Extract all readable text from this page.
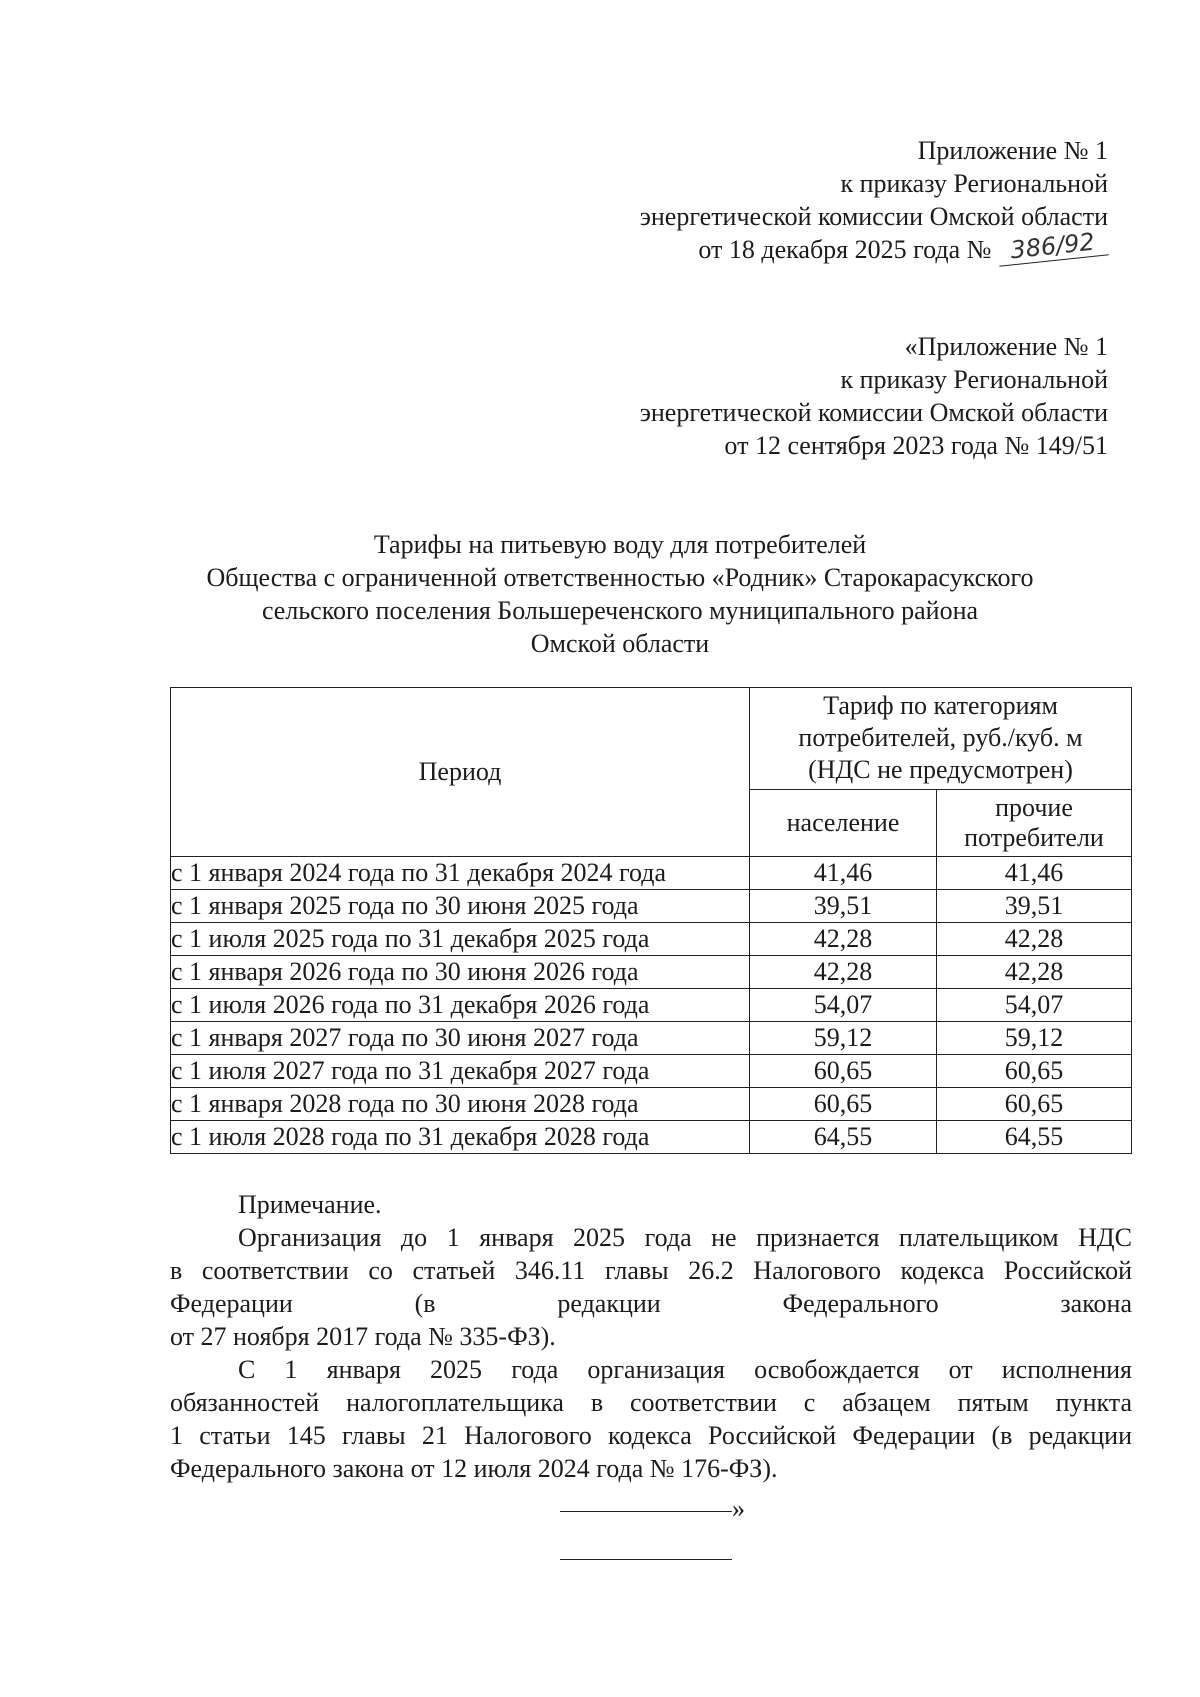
Приложение № 1
к приказу Региональной
энергетической комиссии Омской области
от 18 декабря 2025 года № 386/92
«Приложение № 1
к приказу Региональной
энергетической комиссии Омской области
от 12 сентября 2023 года № 149/51
Тарифы на питьевую воду для потребителей
Общества с ограниченной ответственностью «Родник» Старокарасукского
сельского поселения Большереченского муниципального района
Омской области
Период	Тариф по категориям
потребителей, руб./куб. м
(НДС не предусмотрен)	

	население	прочие
потребители

с 1 января 2024 года по 31 декабря 2024 года	41,46	41,46
с 1 января 2025 года по 30 июня 2025 года	39,51	39,51
с 1 июля 2025 года по 31 декабря 2025 года	42,28	42,28
с 1 января 2026 года по 30 июня 2026 года	42,28	42,28
с 1 июля 2026 года по 31 декабря 2026 года	54,07	54,07
с 1 января 2027 года по 30 июня 2027 года	59,12	59,12
с 1 июля 2027 года по 31 декабря 2027 года	60,65	60,65
с 1 января 2028 года по 30 июня 2028 года	60,65	60,65
с 1 июля 2028 года по 31 декабря 2028 года	64,55	64,55

Примечание.

Организация до 1 января 2025 года не признается плательщиком НДС
в соответствии со статьей 346.11 главы 26.2 Налогового кодекса Российской
Федерации (в редакции Федерального закона
от 27 ноября 2017 года № 335-ФЗ).

С 1 января 2025 года организация освобождается от исполнения
обязанностей налогоплательщика в соответствии с абзацем пятым пункта
1 статьи 145 главы 21 Налогового кодекса Российской Федерации (в редакции
Федерального закона от 12 июля 2024 года № 176-ФЗ).

»
